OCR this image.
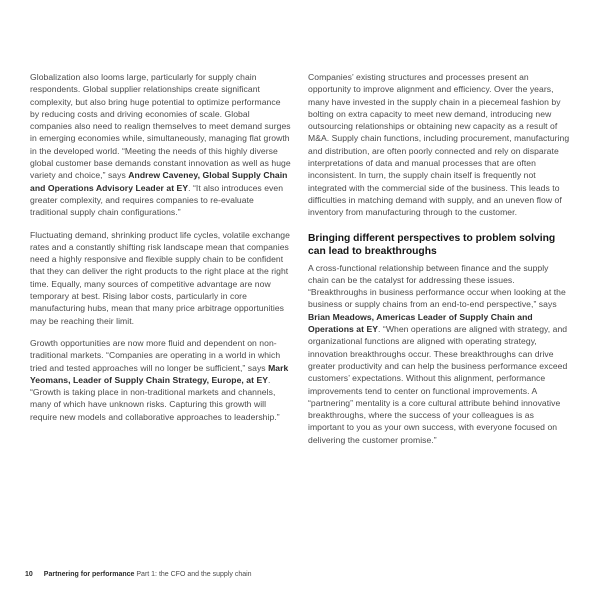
Globalization also looms large, particularly for supply chain respondents. Global supplier relationships create significant complexity, but also bring huge potential to optimize performance by reducing costs and driving economies of scale. Global companies also need to realign themselves to meet demand surges in emerging economies while, simultaneously, managing flat growth in the developed world. “Meeting the needs of this highly diverse global customer base demands constant innovation as well as huge variety and choice,” says Andrew Caveney, Global Supply Chain and Operations Advisory Leader at EY. “It also introduces even greater complexity, and requires companies to re-evaluate traditional supply chain configurations.”

Fluctuating demand, shrinking product life cycles, volatile exchange rates and a constantly shifting risk landscape mean that companies need a highly responsive and flexible supply chain to be confident that they can deliver the right products to the right place at the right time. Equally, many sources of competitive advantage are now temporary at best. Rising labor costs, particularly in core manufacturing hubs, mean that many price arbitrage opportunities may be reaching their limit.

Growth opportunities are now more fluid and dependent on non-traditional markets. “Companies are operating in a world in which tried and tested approaches will no longer be sufficient,” says Mark Yeomans, Leader of Supply Chain Strategy, Europe, at EY. “Growth is taking place in non-traditional markets and channels, many of which have unknown risks. Capturing this growth will require new models and collaborative approaches to leadership.”

Companies’ existing structures and processes present an opportunity to improve alignment and efficiency. Over the years, many have invested in the supply chain in a piecemeal fashion by bolting on extra capacity to meet new demand, introducing new outsourcing relationships or obtaining new capacity as a result of M&A. Supply chain functions, including procurement, manufacturing and distribution, are often poorly connected and rely on disparate interpretations of data and manual processes that are often inconsistent. In turn, the supply chain itself is frequently not integrated with the commercial side of the business. This leads to difficulties in matching demand with supply, and an uneven flow of inventory from manufacturing through to the customer.

Bringing different perspectives to problem solving
can lead to breakthroughs

A cross-functional relationship between finance and the supply chain can be the catalyst for addressing these issues. “Breakthroughs in business performance occur when looking at the business or supply chains from an end-to-end perspective,” says Brian Meadows, Americas Leader of Supply Chain and Operations at EY. “When operations are aligned with strategy, and organizational functions are aligned with operating strategy, innovation breakthroughs occur. These breakthroughs can drive greater productivity and can help the business performance exceed customers’ expectations. Without this alignment, performance improvements tend to center on functional improvements. A “partnering” mentality is a core cultural attribute behind innovative breakthroughs, where the success of your colleagues is as important to you as your own success, with everyone focused on delivering the customer promise.”

10 Partnering for performance Part 1: the CFO and the supply chain
